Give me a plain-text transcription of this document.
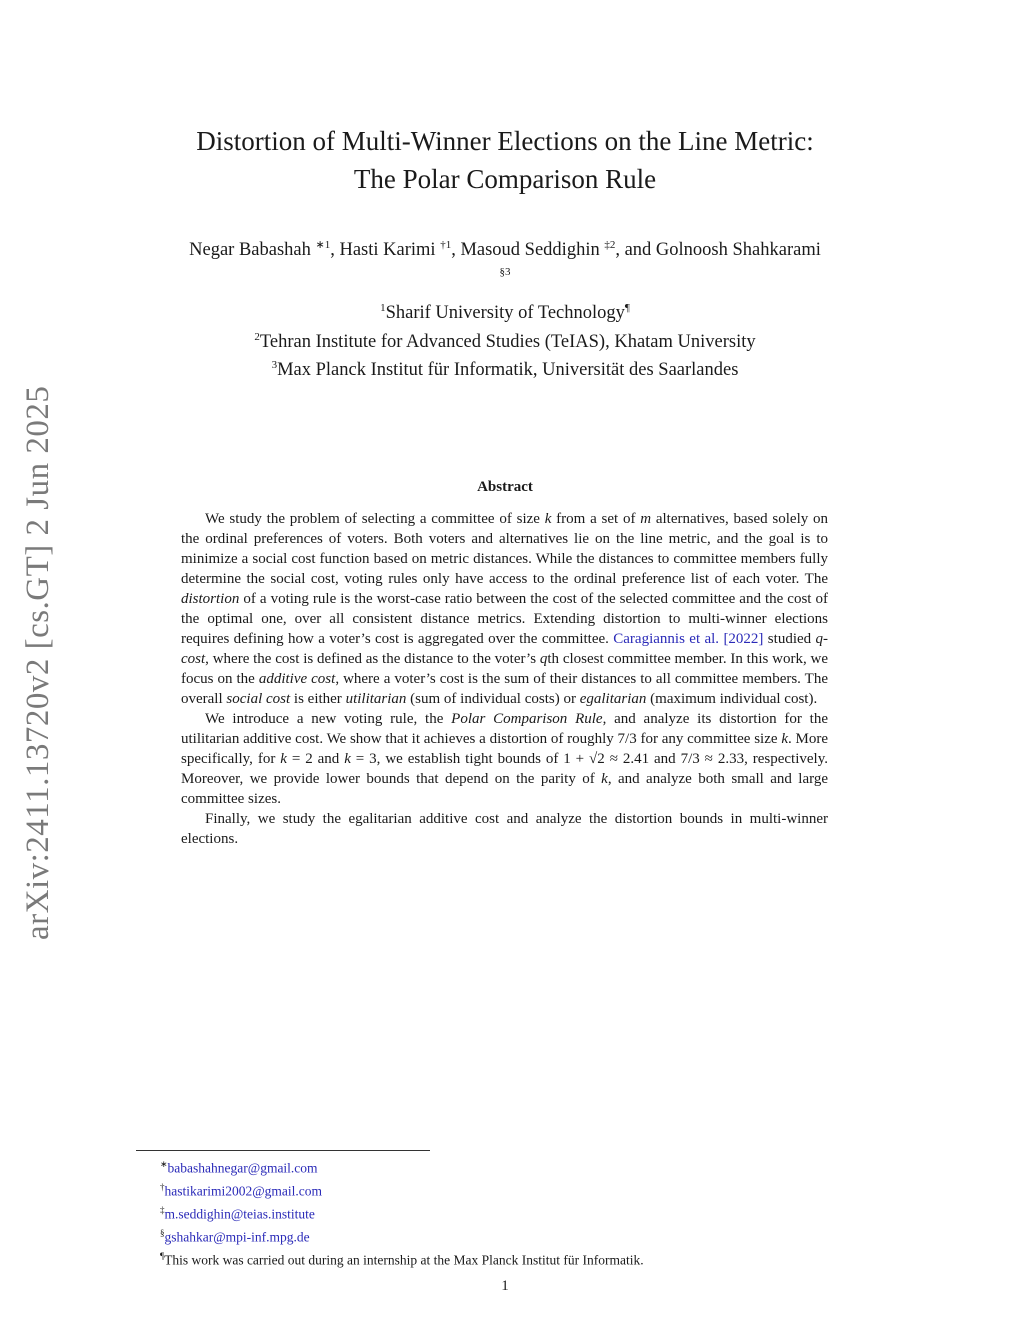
arXiv:2411.13720v2 [cs.GT] 2 Jun 2025
Distortion of Multi-Winner Elections on the Line Metric:
The Polar Comparison Rule
Negar Babashah $^{∗1}$, Hasti Karimi $^{\dagger 1}$, Masoud Seddighin $^{\ddagger 2}$, and Golnoosh Shahkarami
$^{\S 3}$
$^1$Sharif University of Technology¶
$^2$Tehran Institute for Advanced Studies (TeIAS), Khatam University
$^3$Max Planck Institut für Informatik, Universität des Saarlandes
Abstract

We study the problem of selecting a committee of size k from a set of m alternatives, based solely on the ordinal preferences of voters. Both voters and alternatives lie on the line metric, and the goal is to minimize a social cost function based on metric distances. While the distances to committee members fully determine the social cost, voting rules only have access to the ordinal preference list of each voter. The distortion of a voting rule is the worst-case ratio between the cost of the selected committee and the cost of the optimal one, over all consistent distance metrics. Extending distortion to multi-winner elections requires defining how a voter’s cost is aggregated over the committee. Caragiannis et al. [2022] studied q-cost, where the cost is defined as the distance to the voter’s qth closest committee member. In this work, we focus on the additive cost, where a voter’s cost is the sum of their distances to all committee members. The overall social cost is either utilitarian (sum of individual costs) or egalitarian (maximum individual cost).

We introduce a new voting rule, the Polar Comparison Rule, and analyze its distortion for the utilitarian additive cost. We show that it achieves a distortion of roughly 7/3 for any committee size k. More specifically, for k = 2 and k = 3, we establish tight bounds of 1 + √2 ≈ 2.41 and 7/3 ≈ 2.33, respectively. Moreover, we provide lower bounds that depend on the parity of k, and analyze both small and large committee sizes.

Finally, we study the egalitarian additive cost and analyze the distortion bounds in multi-winner elections.

∗babashahnegar@gmail.com
†hastikarimi2002@gmail.com
‡m.seddighin@teias.institute
§gshahkar@mpi-inf.mpg.de
¶This work was carried out during an internship at the Max Planck Institut für Informatik.
1
